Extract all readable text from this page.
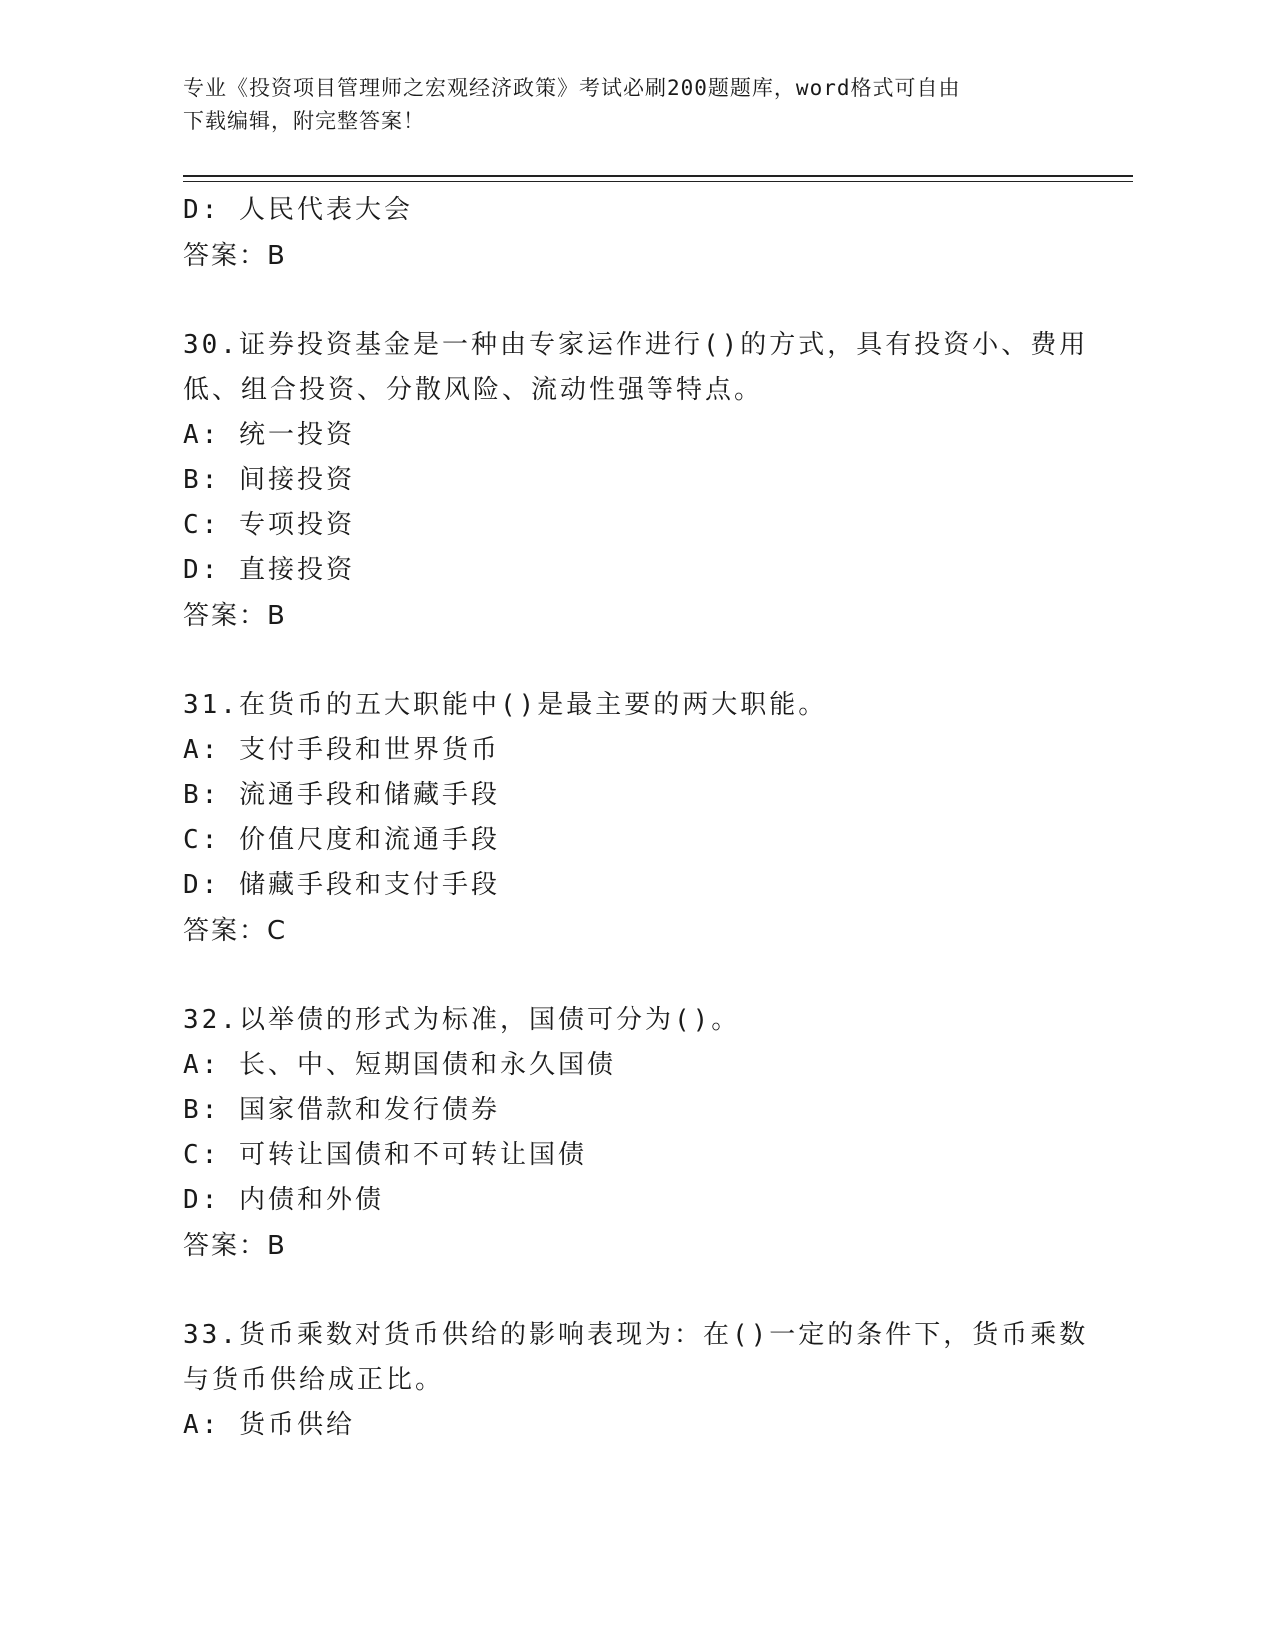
专业《投资项目管理师之宏观经济政策》考试必刷200题题库，word格式可自由
下载编辑，附完整答案！
D: 人民代表大会
答案：B
30.证券投资基金是一种由专家运作进行()的方式，具有投资小、费用
低、组合投资、分散风险、流动性强等特点。
A: 统一投资
B: 间接投资
C: 专项投资
D: 直接投资
答案：B
31.在货币的五大职能中()是最主要的两大职能。
A: 支付手段和世界货币
B: 流通手段和储藏手段
C: 价值尺度和流通手段
D: 储藏手段和支付手段
答案：C
32.以举债的形式为标准，国债可分为()。
A: 长、中、短期国债和永久国债
B: 国家借款和发行债券
C: 可转让国债和不可转让国债
D: 内债和外债
答案：B
33.货币乘数对货币供给的影响表现为：在()一定的条件下，货币乘数
与货币供给成正比。
A: 货币供给
